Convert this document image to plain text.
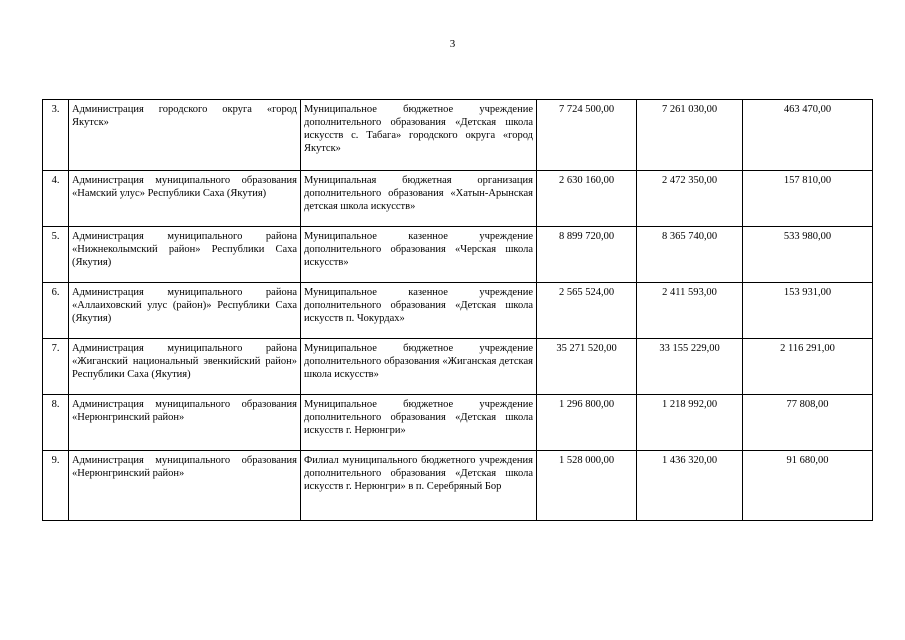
3
3.	Администрация городского округа «город Якутск»	Муниципальное бюджетное учреждение дополнительного образования «Детская школа искусств с. Табага» городского округа «город Якутск»	7 724 500,00	7 261 030,00	463 470,00
4.	Администрация муниципального образования «Намский улус» Республики Саха (Якутия)	Муниципальная бюджетная организация дополнительного образования «Хатын-Арынская детская школа искусств»	2 630 160,00	2 472 350,00	157 810,00
5.	Администрация муниципального района «Нижнеколымский район» Республики Саха (Якутия)	Муниципальное казенное учреждение дополнительного образования «Черская школа искусств»	8 899 720,00	8 365 740,00	533 980,00
6.	Администрация муниципального района «Аллаиховский улус (район)» Республики Саха (Якутия)	Муниципальное казенное учреждение дополнительного образования «Детская школа искусств п. Чокурдах»	2 565 524,00	2 411 593,00	153 931,00
7.	Администрация муниципального района «Жиганский национальный эвенкийский район» Республики Саха (Якутия)	Муниципальное бюджетное учреждение дополнительного образования «Жиганская детская школа искусств»	35 271 520,00	33 155 229,00	2 116 291,00
8.	Администрация муниципального образования «Нерюнгринский район»	Муниципальное бюджетное учреждение дополнительного образования «Детская школа искусств г. Нерюнгри»	1 296 800,00	1 218 992,00	77 808,00
9.	Администрация муниципального образования «Нерюнгринский район»	Филиал муниципального бюджетного учреждения дополнительного образования «Детская школа искусств г. Нерюнгри» в п. Серебряный Бор	1 528 000,00	1 436 320,00	91 680,00
